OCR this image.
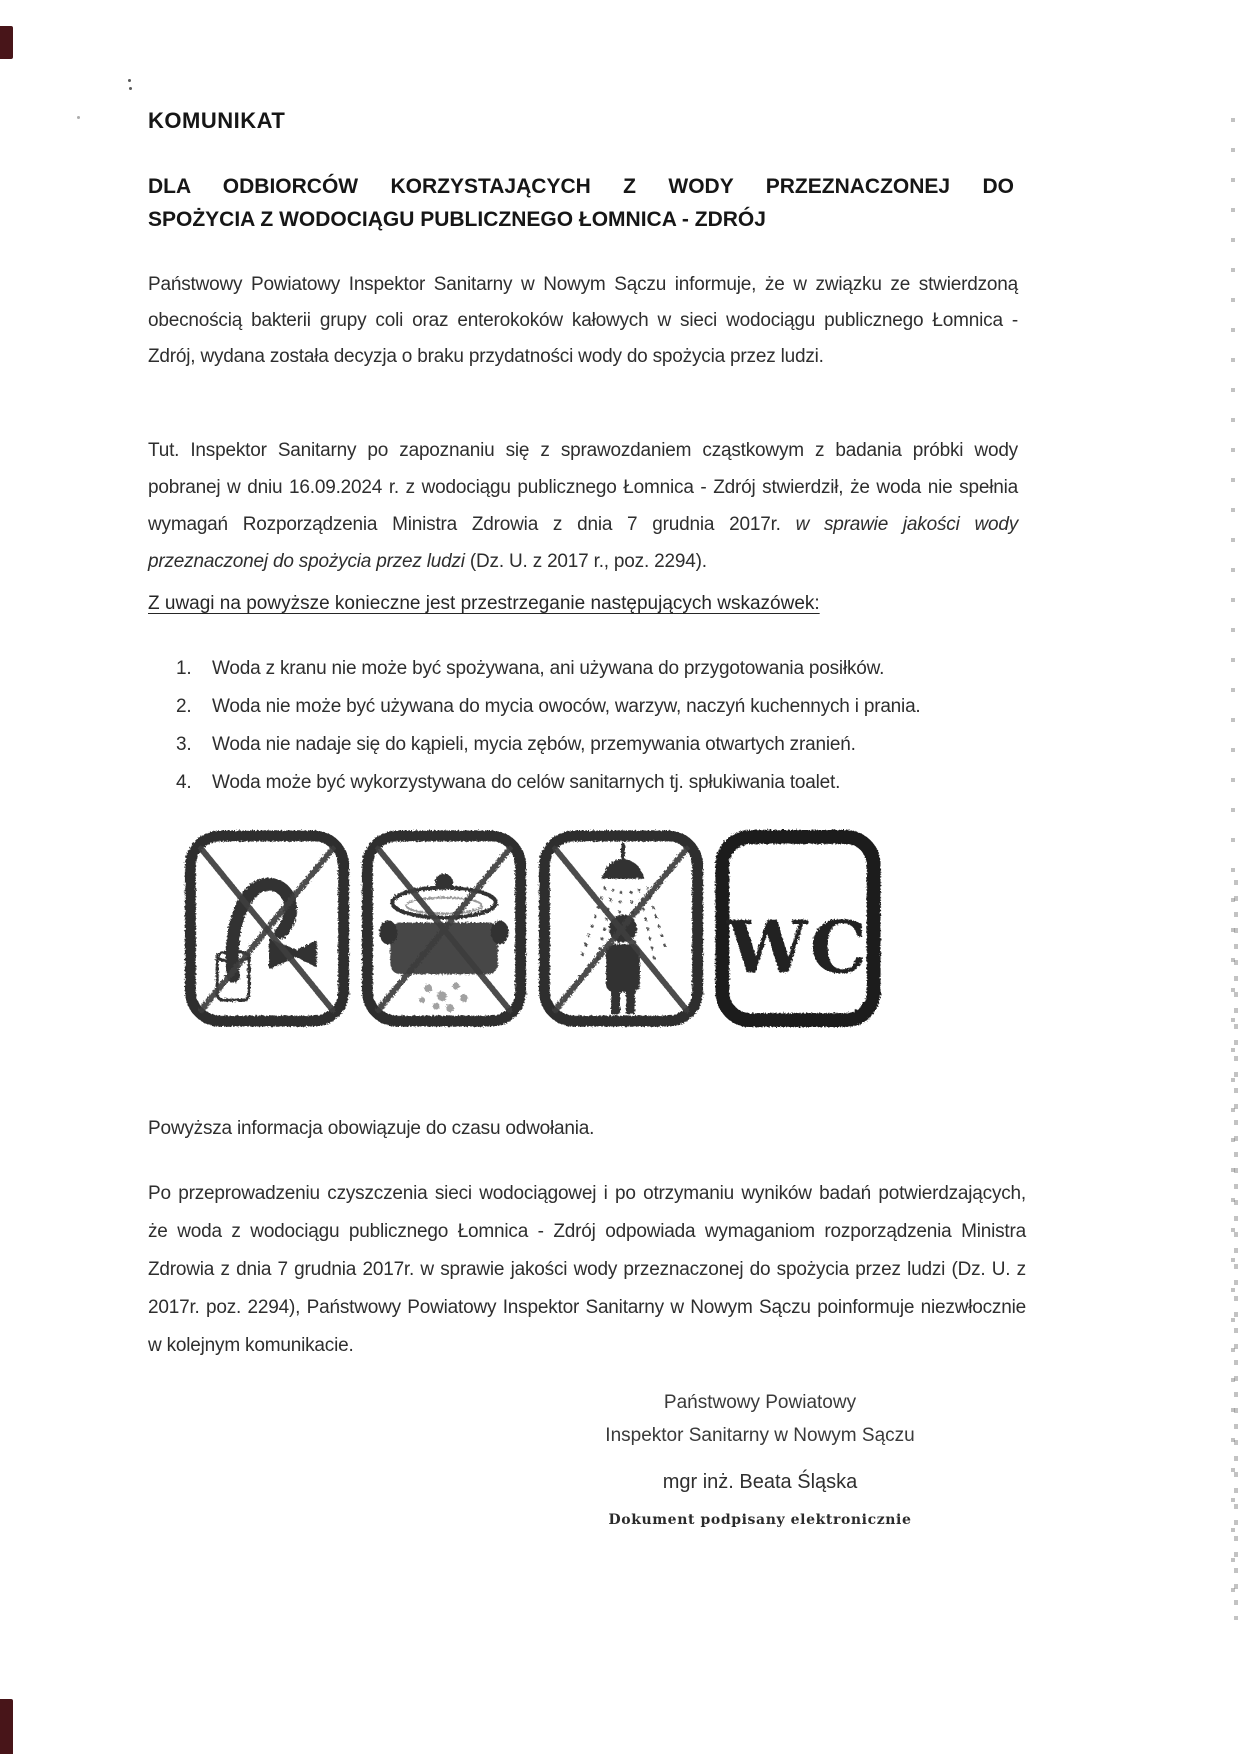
KOMUNIKAT
DLA ODBIORCÓW KORZYSTAJĄCYCH Z WODY PRZEZNACZONEJ DO
SPOŻYCIA Z WODOCIĄGU PUBLICZNEGO ŁOMNICA - ZDRÓJ

Państwowy Powiatowy Inspektor Sanitarny w Nowym Sączu informuje, że w związku ze stwierdzoną obecnością bakterii grupy coli oraz enterokoków kałowych w sieci wodociągu publicznego Łomnica - Zdrój, wydana została decyzja o braku przydatności wody do spożycia przez ludzi.

Tut. Inspektor Sanitarny po zapoznaniu się z sprawozdaniem cząstkowym z badania próbki wody pobranej w dniu 16.09.2024 r. z wodociągu publicznego Łomnica - Zdrój stwierdził, że woda nie spełnia wymagań Rozporządzenia Ministra Zdrowia z dnia 7 grudnia 2017r. w sprawie jakości wody przeznaczonej do spożycia przez ludzi (Dz. U. z 2017 r., poz. 2294).

Z uwagi na powyższe konieczne jest przestrzeganie następujących wskazówek:
1.	Woda z kranu nie może być spożywana, ani używana do przygotowania posiłków.
2.	Woda nie może być używana do mycia owoców, warzyw, naczyń kuchennych i prania.
3.	Woda nie nadaje się do kąpieli, mycia zębów, przemywania otwartych zranień.
4.	Woda może być wykorzystywana do celów sanitarnych tj. spłukiwania toalet.
WC

Powyższa informacja obowiązuje do czasu odwołania.

Po przeprowadzeniu czyszczenia sieci wodociągowej i po otrzymaniu wyników badań potwierdzających, że woda z wodociągu publicznego Łomnica - Zdrój odpowiada wymaganiom rozporządzenia Ministra Zdrowia z dnia 7 grudnia 2017r. w sprawie jakości wody przeznaczonej do spożycia przez ludzi (Dz. U. z 2017r. poz. 2294), Państwowy Powiatowy Inspektor Sanitarny w Nowym Sączu poinformuje niezwłocznie w kolejnym komunikacie.

Państwowy Powiatowy
Inspektor Sanitarny w Nowym Sączu
mgr inż. Beata Śląska
Dokument podpisany elektronicznie
